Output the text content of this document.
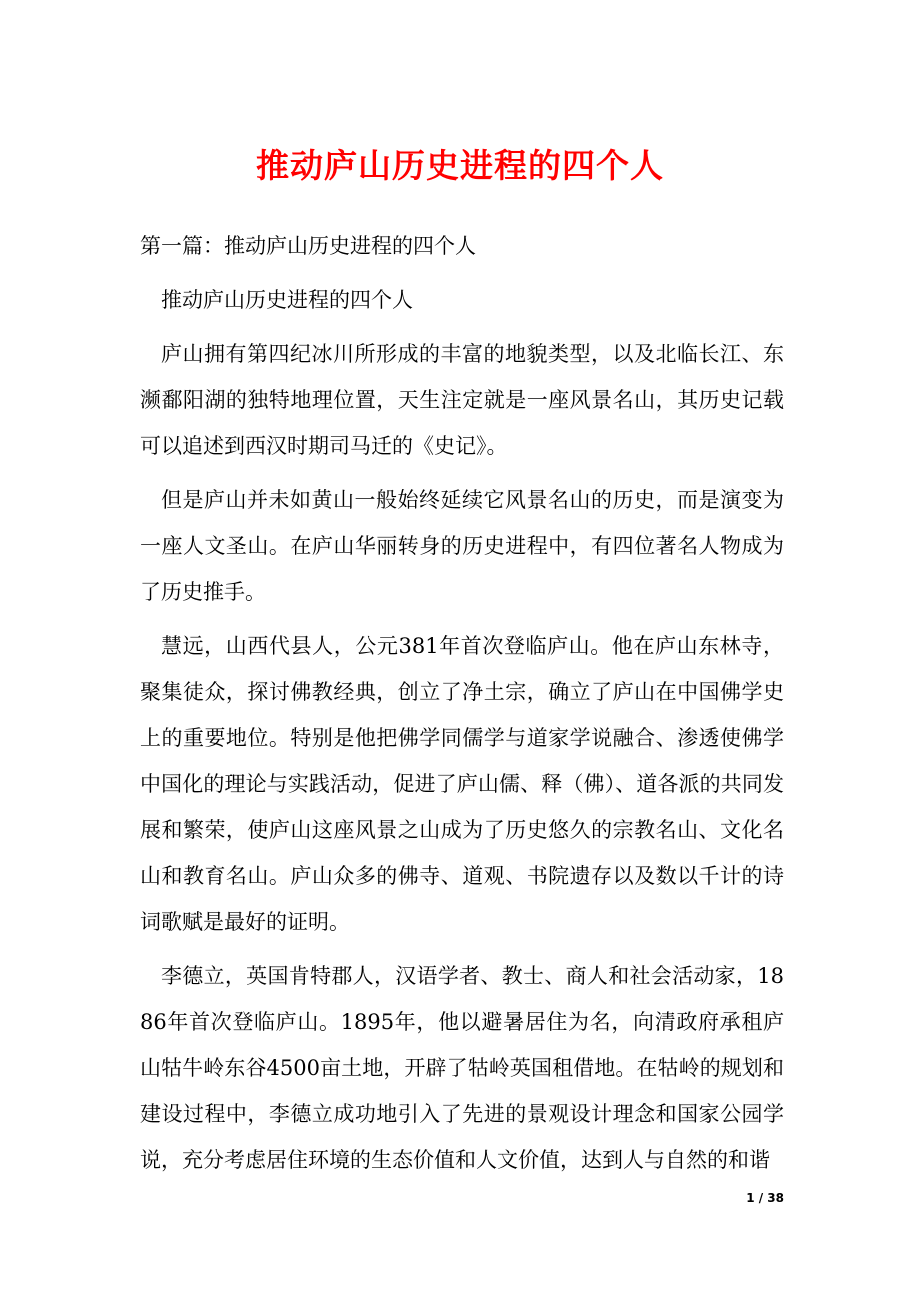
推动庐山历史进程的四个人

第一篇：推动庐山历史进程的四个人

推动庐山历史进程的四个人

庐山拥有第四纪冰川所形成的丰富的地貌类型，以及北临长江、东濒鄱阳湖的独特地理位置，天生注定就是一座风景名山，其历史记载可以追述到西汉时期司马迁的《史记》。

但是庐山并未如黄山一般始终延续它风景名山的历史，而是演变为一座人文圣山。在庐山华丽转身的历史进程中，有四位著名人物成为了历史推手。

慧远，山西代县人，公元381年首次登临庐山。他在庐山东林寺，聚集徒众，探讨佛教经典，创立了净土宗，确立了庐山在中国佛学史上的重要地位。特别是他把佛学同儒学与道家学说融合、渗透使佛学中国化的理论与实践活动，促进了庐山儒、释（佛）、道各派的共同发展和繁荣，使庐山这座风景之山成为了历史悠久的宗教名山、文化名山和教育名山。庐山众多的佛寺、道观、书院遗存以及数以千计的诗词歌赋是最好的证明。

李德立，英国肯特郡人，汉语学者、教士、商人和社会活动家，1886年首次登临庐山。1895年，他以避暑居住为名，向清政府承租庐山牯牛岭东谷4500亩土地，开辟了牯岭英国租借地。在牯岭的规划和建设过程中，李德立成功地引入了先进的景观设计理念和国家公园学说，充分考虑居住环境的生态价值和人文价值，达到人与自然的和谐

1 / 38
